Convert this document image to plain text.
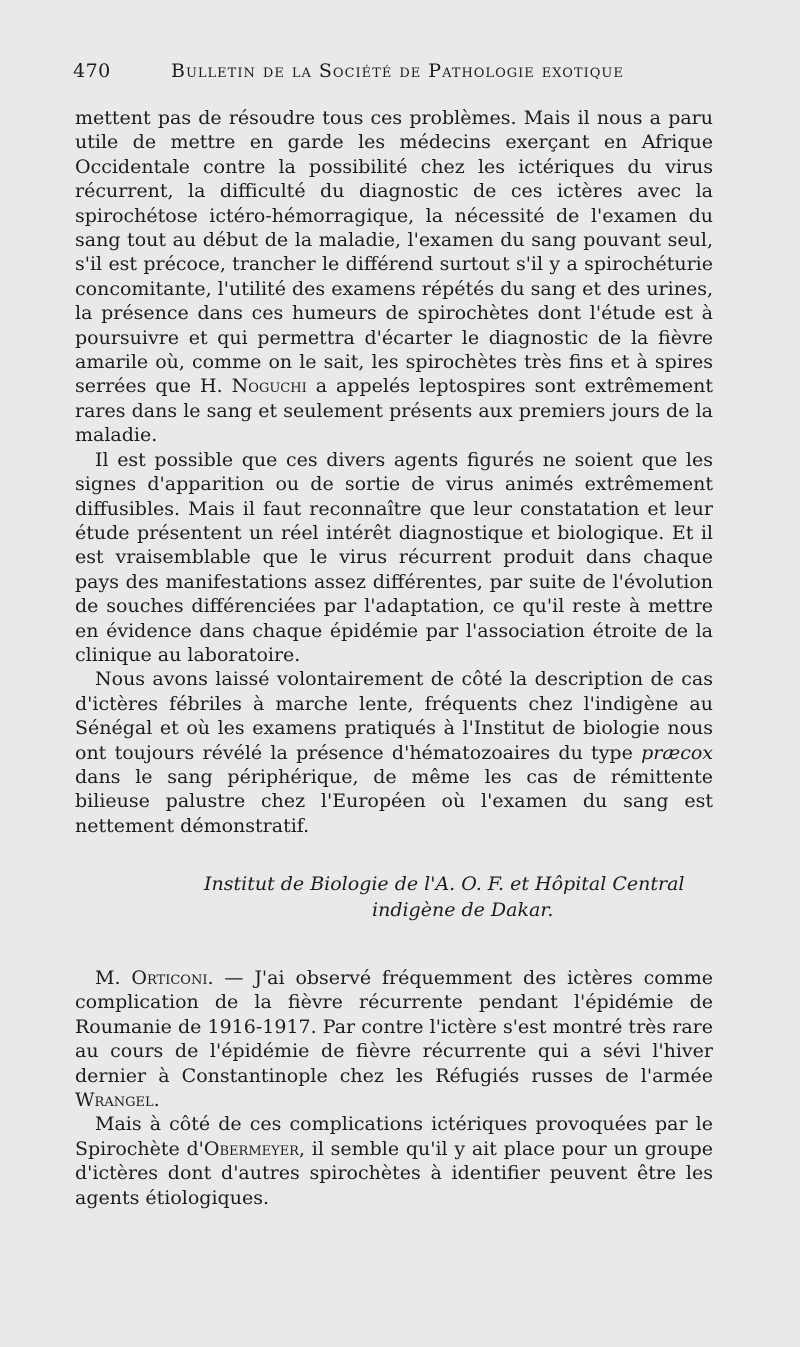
470	Bulletin de la Société de Pathologie exotique

mettent pas de résoudre tous ces problèmes. Mais il nous a paru utile de mettre en garde les médecins exerçant en Afrique Occidentale contre la possibilité chez les ictériques du virus récurrent, la difficulté du diagnostic de ces ictères avec la spirochétose ictéro-hémorragique, la nécessité de l'examen du sang tout au début de la maladie, l'examen du sang pouvant seul, s'il est précoce, trancher le différend surtout s'il y a spirochéturie concomitante, l'utilité des examens répétés du sang et des urines, la présence dans ces humeurs de spirochètes dont l'étude est à poursuivre et qui permettra d'écarter le diagnostic de la fièvre amarile où, comme on le sait, les spirochètes très fins et à spires serrées que H. Noguchi a appelés leptospires sont extrêmement rares dans le sang et seulement présents aux premiers jours de la maladie.

Il est possible que ces divers agents figurés ne soient que les signes d'apparition ou de sortie de virus animés extrêmement diffusibles. Mais il faut reconnaître que leur constatation et leur étude présentent un réel intérêt diagnostique et biologique. Et il est vraisemblable que le virus récurrent produit dans chaque pays des manifestations assez différentes, par suite de l'évolution de souches différenciées par l'adaptation, ce qu'il reste à mettre en évidence dans chaque épidémie par l'association étroite de la clinique au laboratoire.

Nous avons laissé volontairement de côté la description de cas d'ictères fébriles à marche lente, fréquents chez l'indigène au Sénégal et où les examens pratiqués à l'Institut de biologie nous ont toujours révélé la présence d'hématozoaires du type præcox dans le sang périphérique, de même les cas de rémittente bilieuse palustre chez l'Européen où l'examen du sang est nettement démonstratif.

Institut de Biologie de l'A. O. F. et Hôpital Central
indigène de Dakar.

M. Orticoni. — J'ai observé fréquemment des ictères comme complication de la fièvre récurrente pendant l'épidémie de Roumanie de 1916-1917. Par contre l'ictère s'est montré très rare au cours de l'épidémie de fièvre récurrente qui a sévi l'hiver dernier à Constantinople chez les Réfugiés russes de l'armée Wrangel.

Mais à côté de ces complications ictériques provoquées par le Spirochète d'Obermeyer, il semble qu'il y ait place pour un groupe d'ictères dont d'autres spirochètes à identifier peuvent être les agents étiologiques.
